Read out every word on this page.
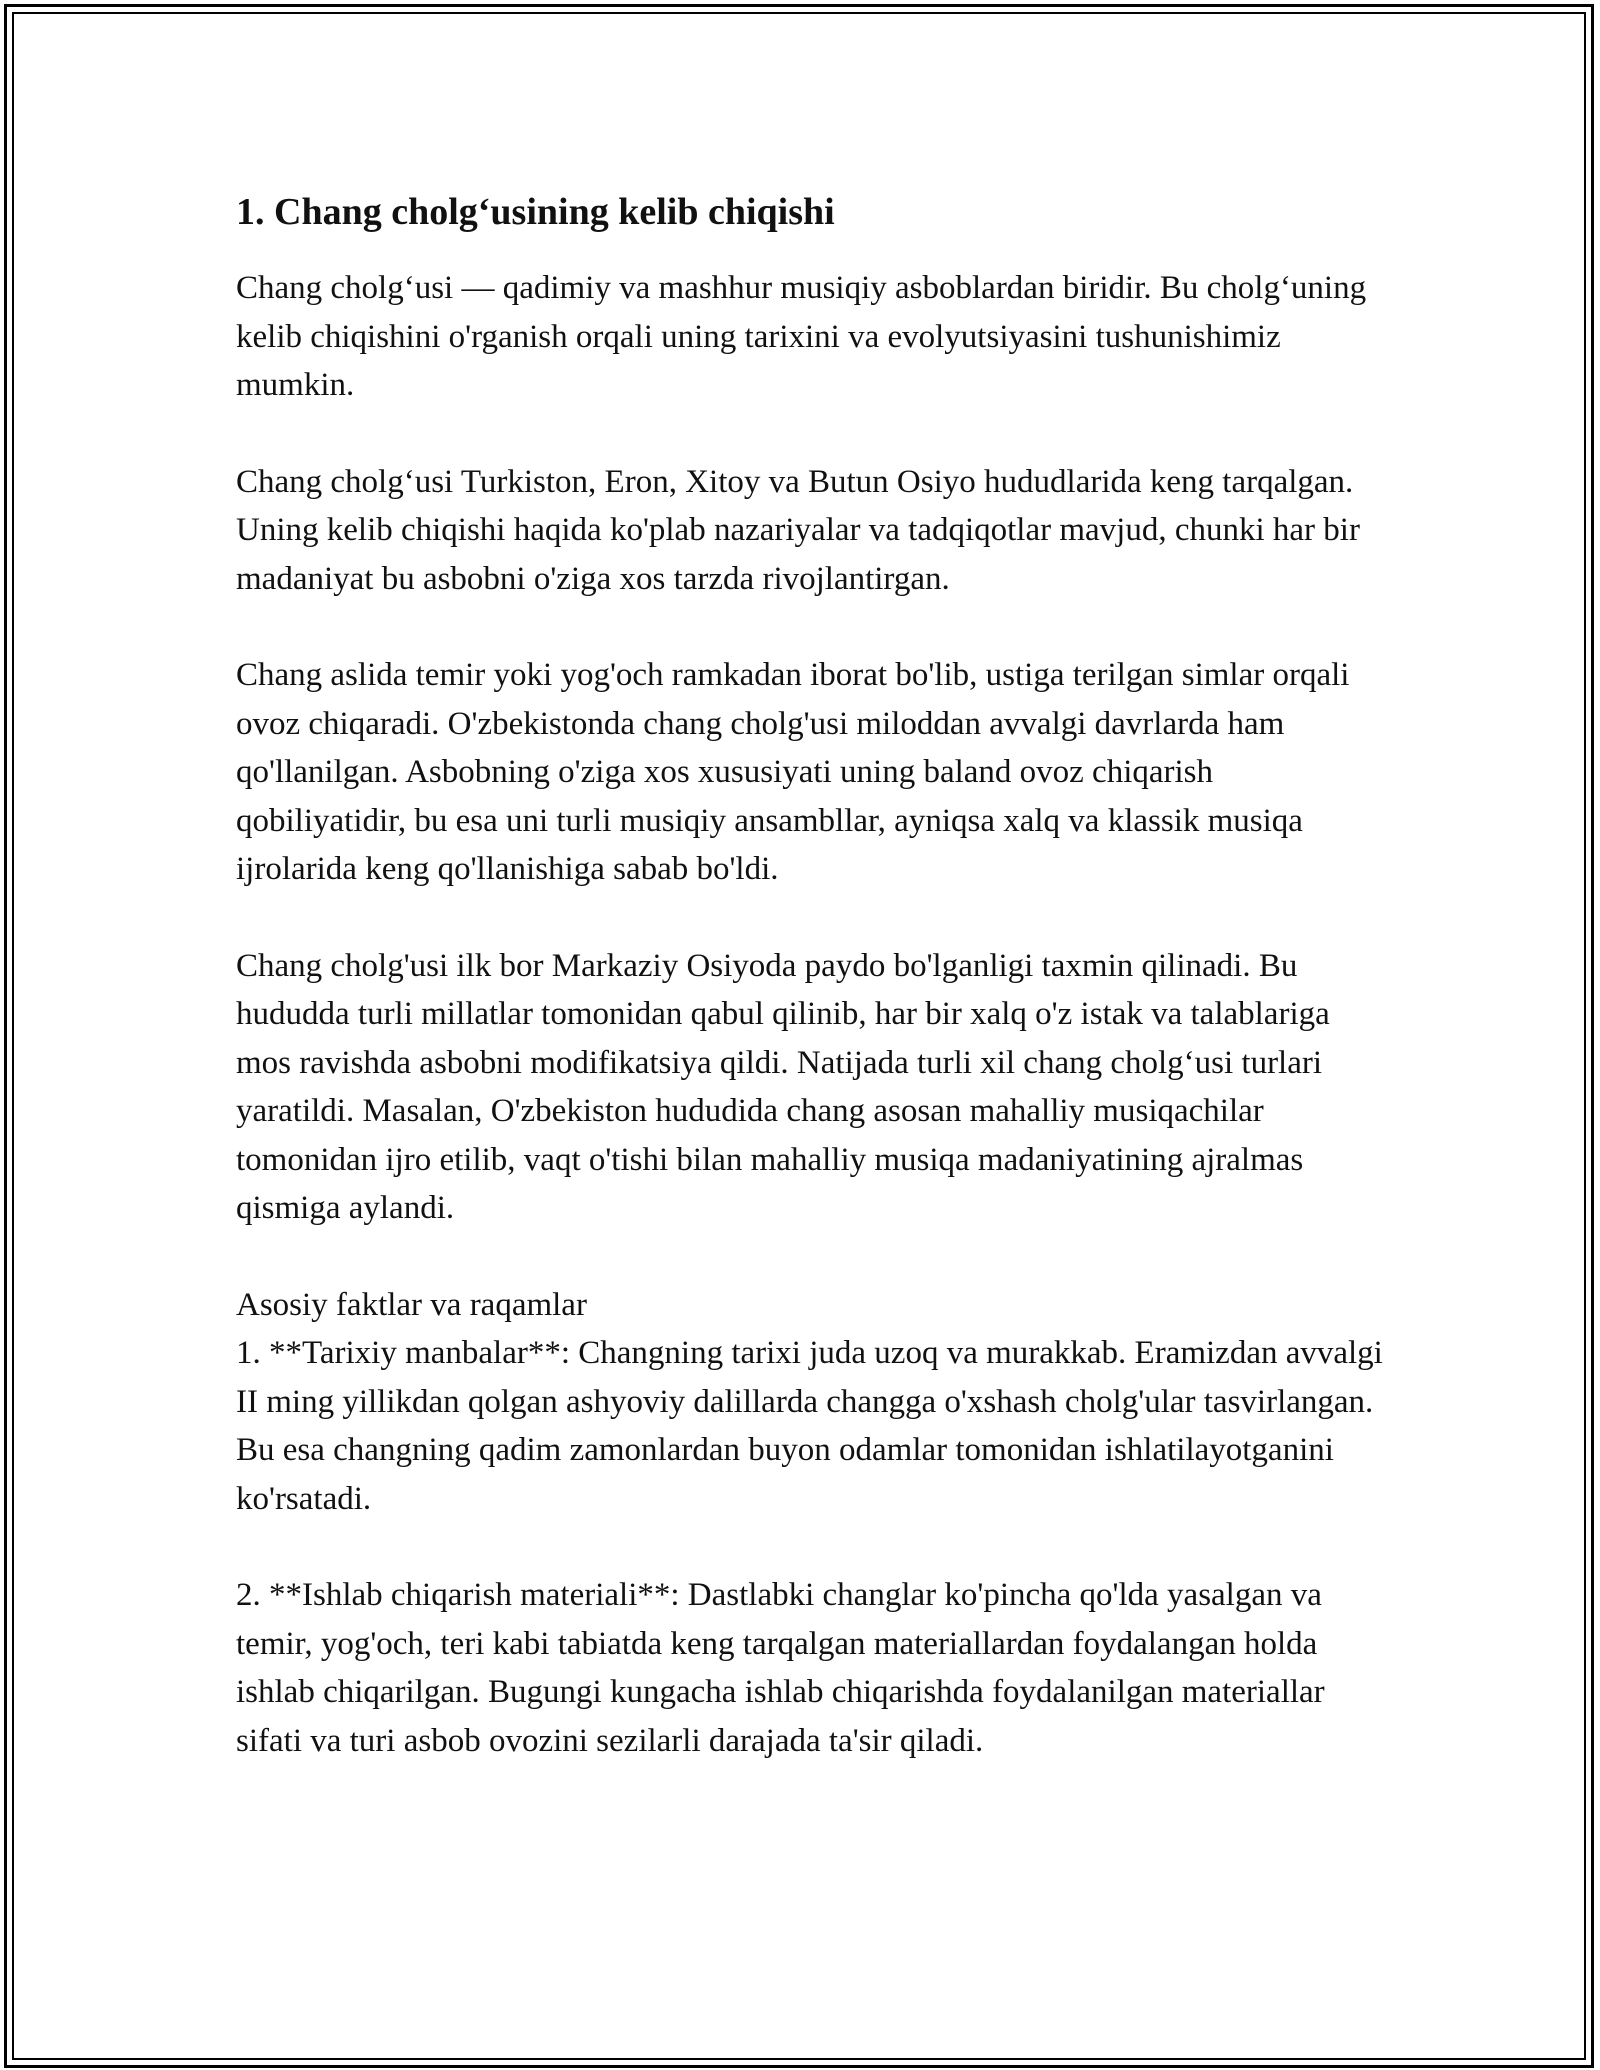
1. Chang cholg‘usining kelib chiqishi

Chang cholg‘usi — qadimiy va mashhur musiqiy asboblardan biridir. Bu cholg‘uning kelib chiqishini o'rganish orqali uning tarixini va evolyutsiyasini tushunishimiz mumkin.

Chang cholg‘usi Turkiston, Eron, Xitoy va Butun Osiyo hududlarida keng tarqalgan. Uning kelib chiqishi haqida ko'plab nazariyalar va tadqiqotlar mavjud, chunki har bir madaniyat bu asbobni o'ziga xos tarzda rivojlantirgan.

Chang aslida temir yoki yog'och ramkadan iborat bo'lib, ustiga terilgan simlar orqali ovoz chiqaradi. O'zbekistonda chang cholg'usi miloddan avvalgi davrlarda ham qo'llanilgan. Asbobning o'ziga xos xususiyati uning baland ovoz chiqarish qobiliyatidir, bu esa uni turli musiqiy ansambllar, ayniqsa xalq va klassik musiqa ijrolarida keng qo'llanishiga sabab bo'ldi.

Chang cholg'usi ilk bor Markaziy Osiyoda paydo bo'lganligi taxmin qilinadi. Bu hududda turli millatlar tomonidan qabul qilinib, har bir xalq o'z istak va talablariga mos ravishda asbobni modifikatsiya qildi. Natijada turli xil chang cholg‘usi turlari yaratildi. Masalan, O'zbekiston hududida chang asosan mahalliy musiqachilar tomonidan ijro etilib, vaqt o'tishi bilan mahalliy musiqa madaniyatining ajralmas qismiga aylandi.

Asosiy faktlar va raqamlar

1. **Tarixiy manbalar**: Changning tarixi juda uzoq va murakkab. Eramizdan avvalgi II ming yillikdan qolgan ashyoviy dalillarda changga o'xshash cholg'ular tasvirlangan. Bu esa changning qadim zamonlardan buyon odamlar tomonidan ishlatilayotganini ko'rsatadi.

2. **Ishlab chiqarish materiali**: Dastlabki changlar ko'pincha qo'lda yasalgan va temir, yog'och, teri kabi tabiatda keng tarqalgan materiallardan foydalangan holda ishlab chiqarilgan. Bugungi kungacha ishlab chiqarishda foydalanilgan materiallar sifati va turi asbob ovozini sezilarli darajada ta'sir qiladi.
